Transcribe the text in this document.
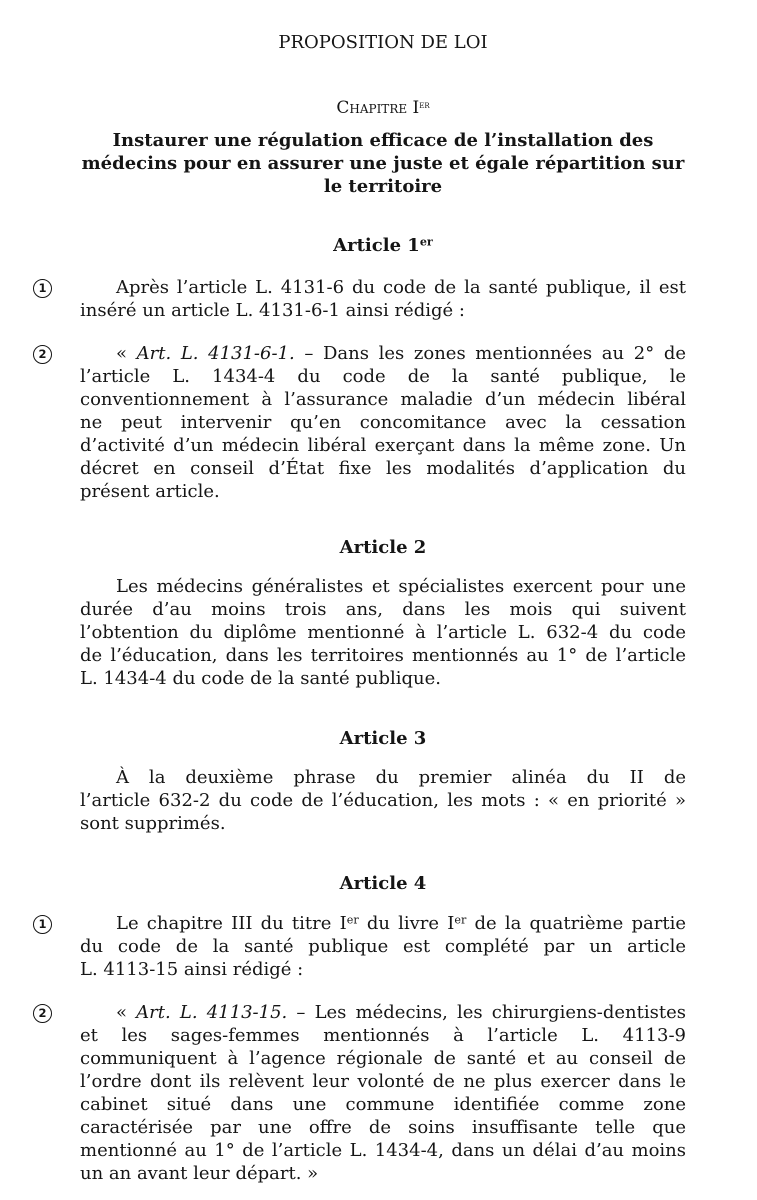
PROPOSITION DE LOI
Chapitre Ier
Instaurer une régulation efficace de l’installation des
médecins pour en assurer une juste et égale répartition sur
le territoire
Article 1er
1	Après l’article L. 4131-6 du code de la santé publique, il est
inséré un article L. 4131-6-1 ainsi rédigé :
2	« Art. L. 4131-6-1. – Dans les zones mentionnées au 2° de
l’article L. 1434-4 du code de la santé publique, le
conventionnement à l’assurance maladie d’un médecin libéral
ne peut intervenir qu’en concomitance avec la cessation
d’activité d’un médecin libéral exerçant dans la même zone. Un
décret en conseil d’État fixe les modalités d’application du
présent article.
Article 2
Les médecins généralistes et spécialistes exercent pour une
durée d’au moins trois ans, dans les mois qui suivent
l’obtention du diplôme mentionné à l’article L. 632-4 du code
de l’éducation, dans les territoires mentionnés au 1° de l’article
L. 1434-4 du code de la santé publique.
Article 3
À la deuxième phrase du premier alinéa du II de
l’article 632-2 du code de l’éducation, les mots : « en priorité »
sont supprimés.
Article 4
1	Le chapitre III du titre Ier du livre Ier de la quatrième partie
du code de la santé publique est complété par un article
L. 4113-15 ainsi rédigé :
2	« Art. L. 4113-15. – Les médecins, les chirurgiens-dentistes
et les sages-femmes mentionnés à l’article L. 4113-9
communiquent à l’agence régionale de santé et au conseil de
l’ordre dont ils relèvent leur volonté de ne plus exercer dans le
cabinet situé dans une commune identifiée comme zone
caractérisée par une offre de soins insuffisante telle que
mentionné au 1° de l’article L. 1434-4, dans un délai d’au moins
un an avant leur départ. »
